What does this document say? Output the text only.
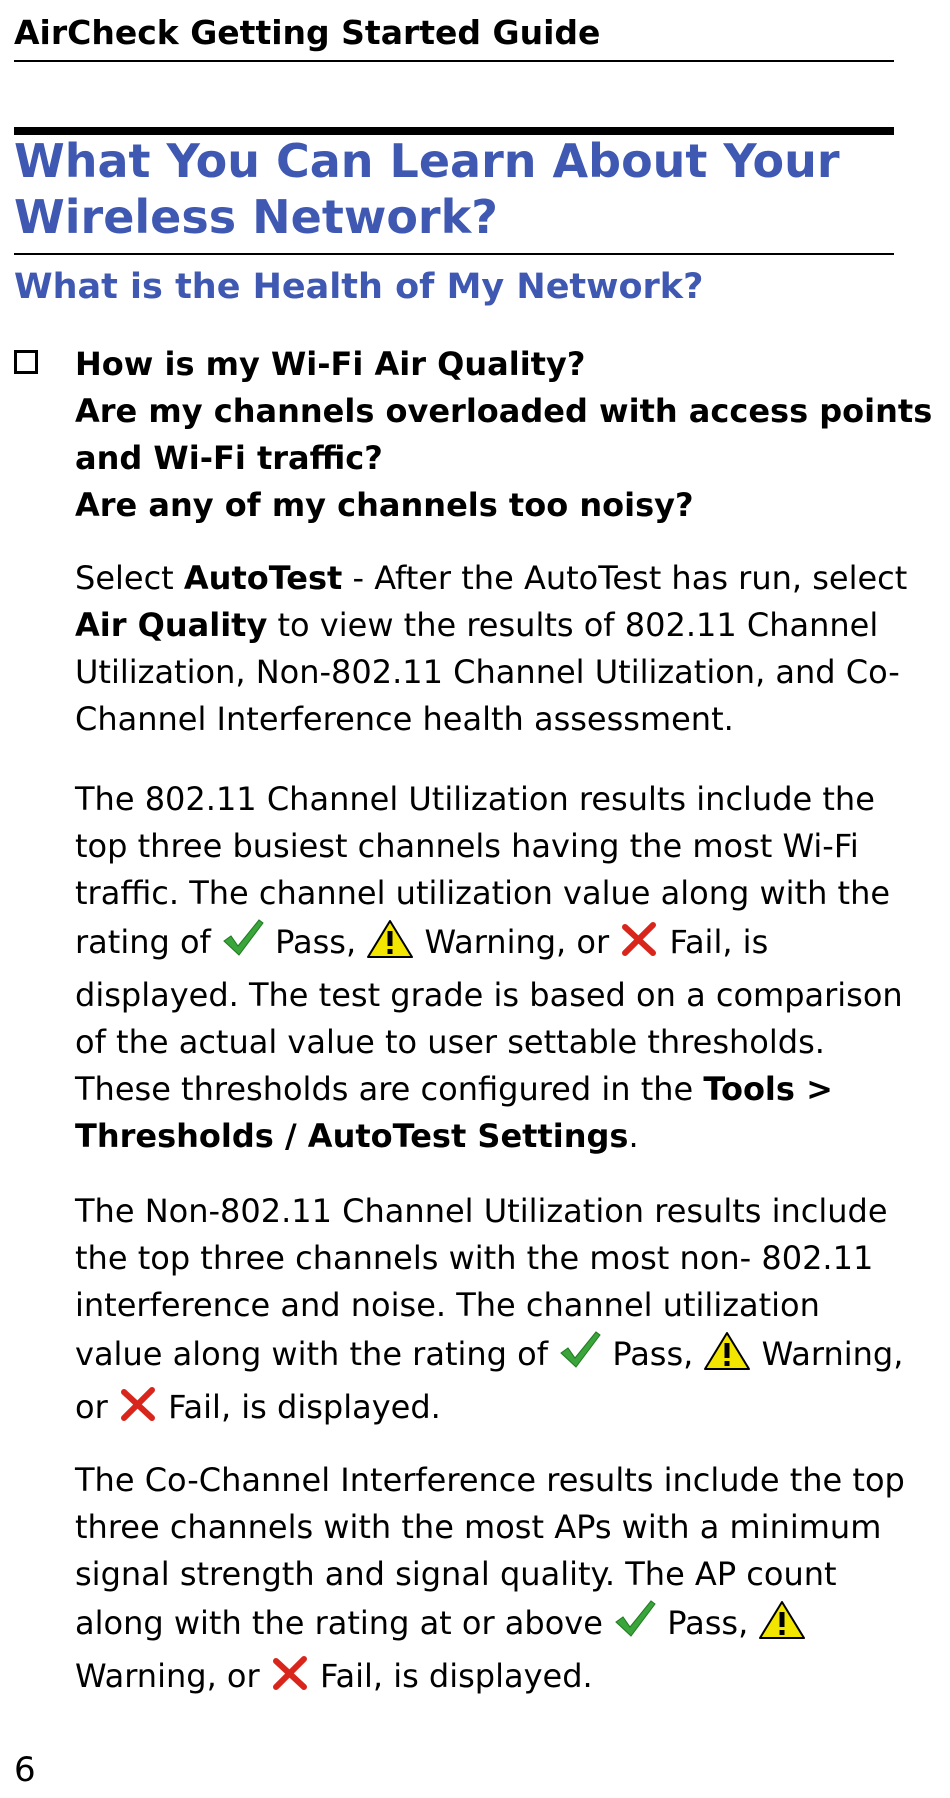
AirCheck Getting Started Guide
What You Can Learn About Your
Wireless Network?
What is the Health of My Network?
How is my Wi-Fi Air Quality?
Are my channels overloaded with access points
and Wi-Fi traffic?
Are any of my channels too noisy?

Select AutoTest - After the AutoTest has run, select Air Quality to view the results of 802.11 Channel Utilization, Non-802.11 Channel Utilization, and Co-Channel Interference health assessment.

The 802.11 Channel Utilization results include the top three busiest channels having the most Wi-Fi traffic. The channel utilization value along with the rating of  Pass,  Warning, or  Fail, is displayed. The test grade is based on a comparison of the actual value to user settable thresholds. These thresholds are configured in the Tools > Thresholds / AutoTest Settings.

The Non-802.11 Channel Utilization results include the top three channels with the most non- 802.11 interference and noise. The channel utilization value along with the rating of  Pass,  Warning, or  Fail, is displayed.

The Co-Channel Interference results include the top three channels with the most APs with a minimum signal strength and signal quality. The AP count along with the rating at or above  Pass,  Warning, or  Fail, is displayed.

6
